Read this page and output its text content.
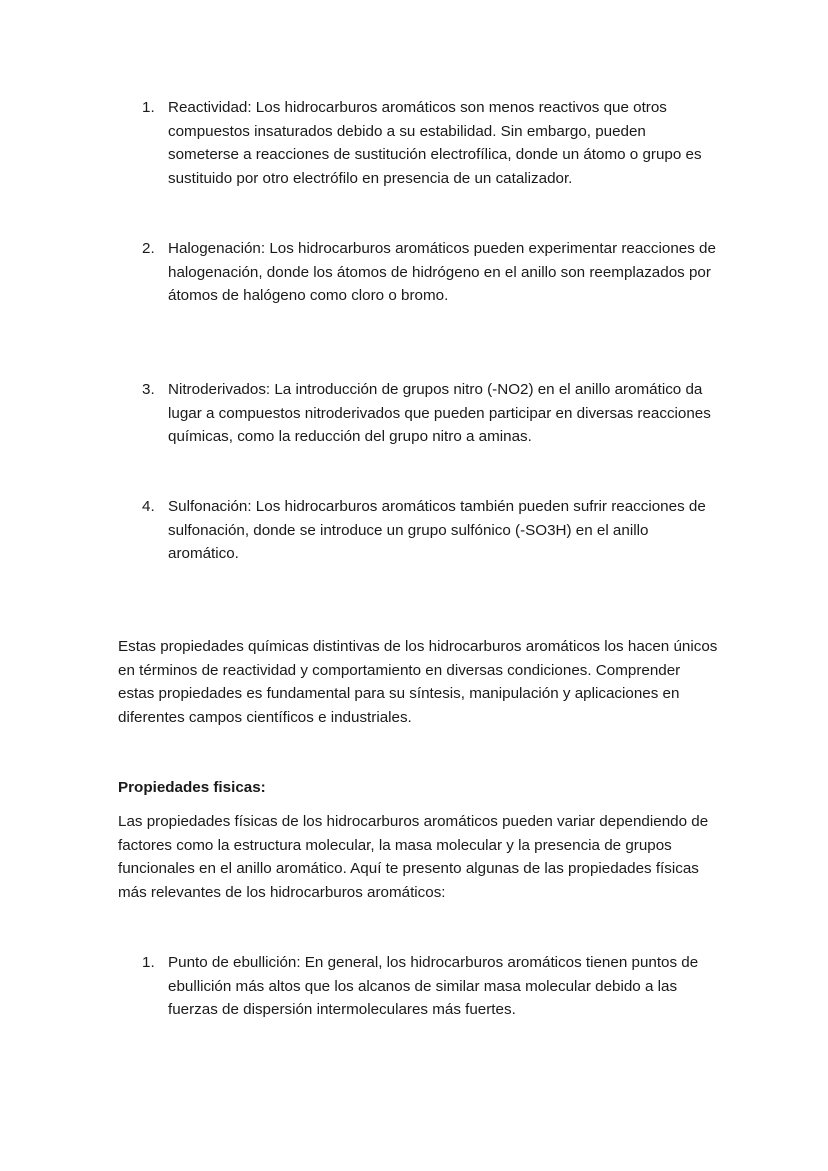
1. Reactividad: Los hidrocarburos aromáticos son menos reactivos que otros compuestos insaturados debido a su estabilidad. Sin embargo, pueden someterse a reacciones de sustitución electrofílica, donde un átomo o grupo es sustituido por otro electrófilo en presencia de un catalizador.
2. Halogenación: Los hidrocarburos aromáticos pueden experimentar reacciones de halogenación, donde los átomos de hidrógeno en el anillo son reemplazados por átomos de halógeno como cloro o bromo.
3. Nitroderivados: La introducción de grupos nitro (-NO2) en el anillo aromático da lugar a compuestos nitroderivados que pueden participar en diversas reacciones químicas, como la reducción del grupo nitro a aminas.
4. Sulfonación: Los hidrocarburos aromáticos también pueden sufrir reacciones de sulfonación, donde se introduce un grupo sulfónico (-SO3H) en el anillo aromático.

Estas propiedades químicas distintivas de los hidrocarburos aromáticos los hacen únicos en términos de reactividad y comportamiento en diversas condiciones. Comprender estas propiedades es fundamental para su síntesis, manipulación y aplicaciones en diferentes campos científicos e industriales.

Propiedades fisicas:

Las propiedades físicas de los hidrocarburos aromáticos pueden variar dependiendo de factores como la estructura molecular, la masa molecular y la presencia de grupos funcionales en el anillo aromático. Aquí te presento algunas de las propiedades físicas más relevantes de los hidrocarburos aromáticos:

1. Punto de ebullición: En general, los hidrocarburos aromáticos tienen puntos de ebullición más altos que los alcanos de similar masa molecular debido a las fuerzas de dispersión intermoleculares más fuertes.
